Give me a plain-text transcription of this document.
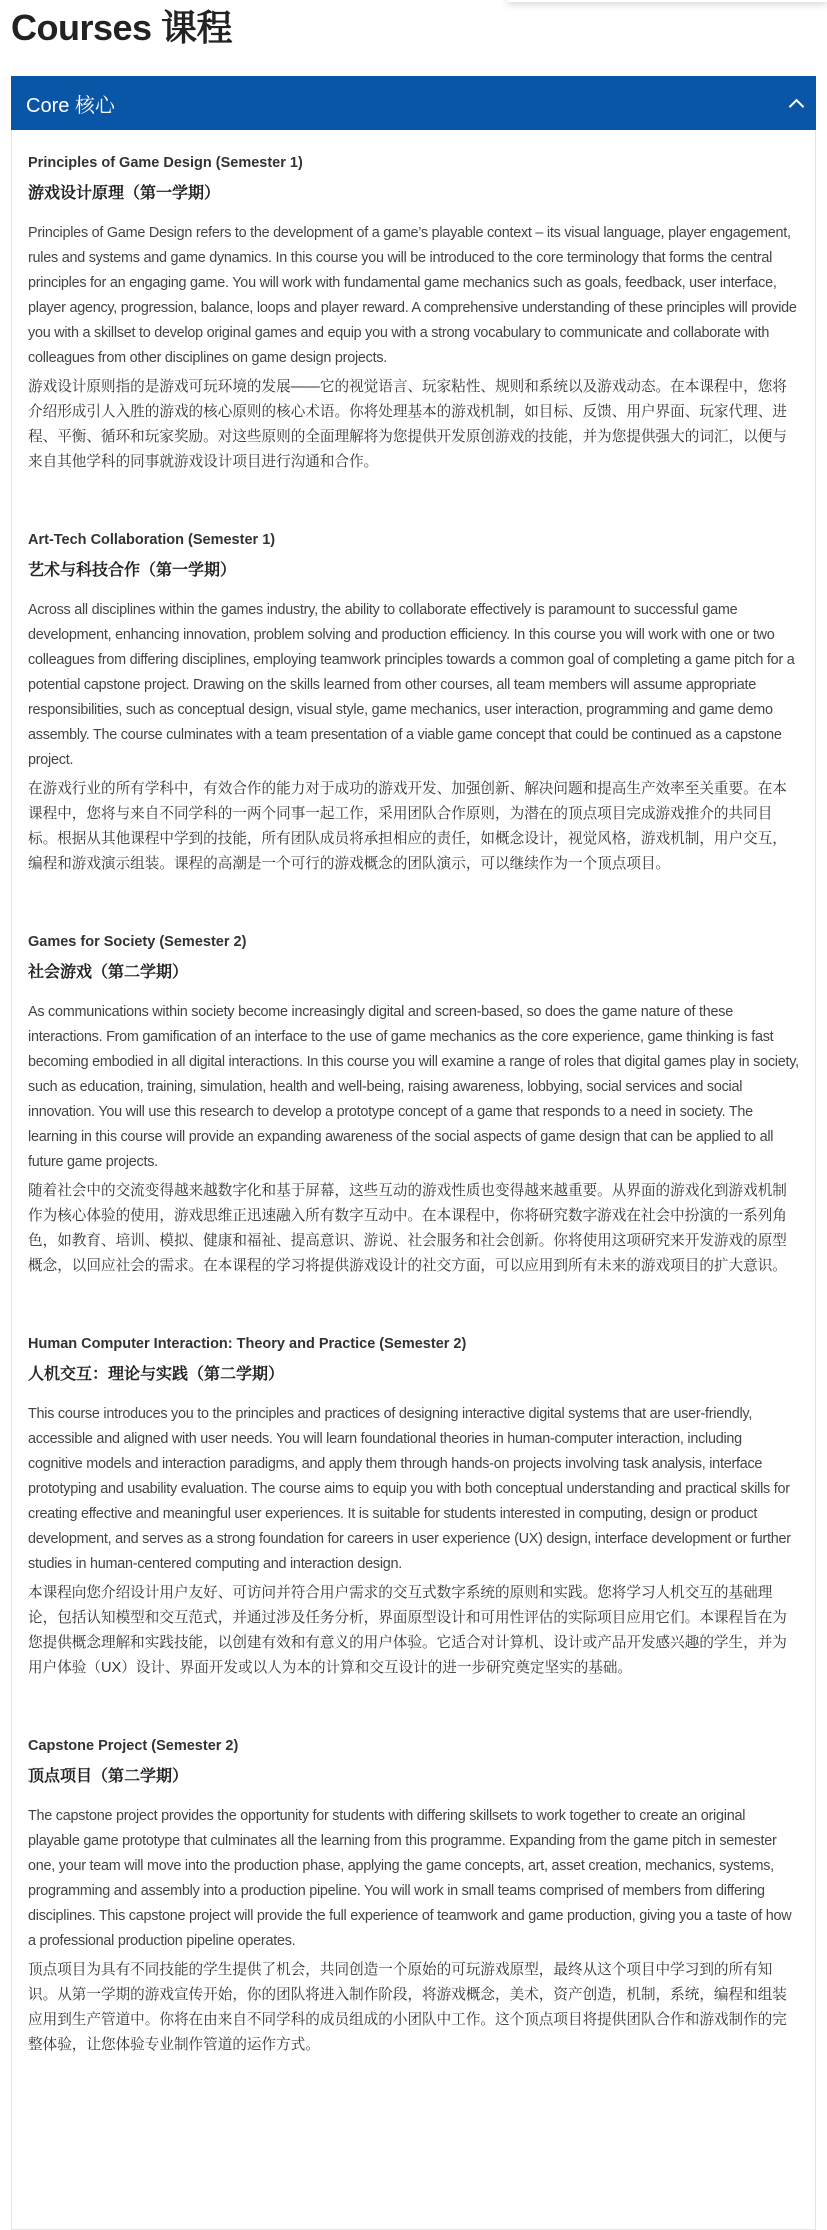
Courses 课程
Core 核心

Principles of Game Design (Semester 1)

游戏设计原理（第一学期）

Principles of Game Design refers to the development of a game’s playable context – its visual language, player engagement, rules and systems and game dynamics. In this course you will be introduced to the core terminology that forms the central principles for an engaging game. You will work with fundamental game mechanics such as goals, feedback, user interface, player agency, progression, balance, loops and player reward. A comprehensive understanding of these principles will provide you with a skillset to develop original games and equip you with a strong vocabulary to communicate and collaborate with colleagues from other disciplines on game design projects.

游戏设计原则指的是游戏可玩环境的发展——它的视觉语言、玩家粘性、规则和系统以及游戏动态。在本课程中，您将介绍形成引人入胜的游戏的核心原则的核心术语。你将处理基本的游戏机制，如目标、反馈、用户界面、玩家代理、进程、平衡、循环和玩家奖励。对这些原则的全面理解将为您提供开发原创游戏的技能，并为您提供强大的词汇，以便与来自其他学科的同事就游戏设计项目进行沟通和合作。

Art-Tech Collaboration (Semester 1)

艺术与科技合作（第一学期）

Across all disciplines within the games industry, the ability to collaborate effectively is paramount to successful game development, enhancing innovation, problem solving and production efficiency. In this course you will work with one or two colleagues from differing disciplines, employing teamwork principles towards a common goal of completing a game pitch for a potential capstone project. Drawing on the skills learned from other courses, all team members will assume appropriate responsibilities, such as conceptual design, visual style, game mechanics, user interaction, programming and game demo assembly. The course culminates with a team presentation of a viable game concept that could be continued as a capstone project.

在游戏行业的所有学科中，有效合作的能力对于成功的游戏开发、加强创新、解决问题和提高生产效率至关重要。在本课程中，您将与来自不同学科的一两个同事一起工作，采用团队合作原则，为潜在的顶点项目完成游戏推介的共同目标。根据从其他课程中学到的技能，所有团队成员将承担相应的责任，如概念设计，视觉风格，游戏机制，用户交互，编程和游戏演示组装。课程的高潮是一个可行的游戏概念的团队演示，可以继续作为一个顶点项目。

Games for Society (Semester 2)

社会游戏（第二学期）

As communications within society become increasingly digital and screen-based, so does the game nature of these interactions. From gamification of an interface to the use of game mechanics as the core experience, game thinking is fast becoming embodied in all digital interactions. In this course you will examine a range of roles that digital games play in society, such as education, training, simulation, health and well-being, raising awareness, lobbying, social services and social innovation. You will use this research to develop a prototype concept of a game that responds to a need in society. The learning in this course will provide an expanding awareness of the social aspects of game design that can be applied to all future game projects.

随着社会中的交流变得越来越数字化和基于屏幕，这些互动的游戏性质也变得越来越重要。从界面的游戏化到游戏机制作为核心体验的使用，游戏思维正迅速融入所有数字互动中。在本课程中，你将研究数字游戏在社会中扮演的一系列角色，如教育、培训、模拟、健康和福祉、提高意识、游说、社会服务和社会创新。你将使用这项研究来开发游戏的原型概念，以回应社会的需求。在本课程的学习将提供游戏设计的社交方面，可以应用到所有未来的游戏项目的扩大意识。

Human Computer Interaction: Theory and Practice (Semester 2)

人机交互：理论与实践（第二学期）

This course introduces you to the principles and practices of designing interactive digital systems that are user-friendly, accessible and aligned with user needs. You will learn foundational theories in human-computer interaction, including cognitive models and interaction paradigms, and apply them through hands-on projects involving task analysis, interface prototyping and usability evaluation. The course aims to equip you with both conceptual understanding and practical skills for creating effective and meaningful user experiences. It is suitable for students interested in computing, design or product development, and serves as a strong foundation for careers in user experience (UX) design, interface development or further studies in human-centered computing and interaction design.

本课程向您介绍设计用户友好、可访问并符合用户需求的交互式数字系统的原则和实践。您将学习人机交互的基础理论，包括认知模型和交互范式，并通过涉及任务分析，界面原型设计和可用性评估的实际项目应用它们。本课程旨在为您提供概念理解和实践技能，以创建有效和有意义的用户体验。它适合对计算机、设计或产品开发感兴趣的学生，并为用户体验（UX）设计、界面开发或以人为本的计算和交互设计的进一步研究奠定坚实的基础。

Capstone Project (Semester 2)

顶点项目（第二学期）

The capstone project provides the opportunity for students with differing skillsets to work together to create an original playable game prototype that culminates all the learning from this programme. Expanding from the game pitch in semester one, your team will move into the production phase, applying the game concepts, art, asset creation, mechanics, systems, programming and assembly into a production pipeline. You will work in small teams comprised of members from differing disciplines. This capstone project will provide the full experience of teamwork and game production, giving you a taste of how a professional production pipeline operates.

顶点项目为具有不同技能的学生提供了机会，共同创造一个原始的可玩游戏原型，最终从这个项目中学习到的所有知识。从第一学期的游戏宣传开始，你的团队将进入制作阶段，将游戏概念，美术，资产创造，机制，系统，编程和组装应用到生产管道中。你将在由来自不同学科的成员组成的小团队中工作。这个顶点项目将提供团队合作和游戏制作的完整体验，让您体验专业制作管道的运作方式。
